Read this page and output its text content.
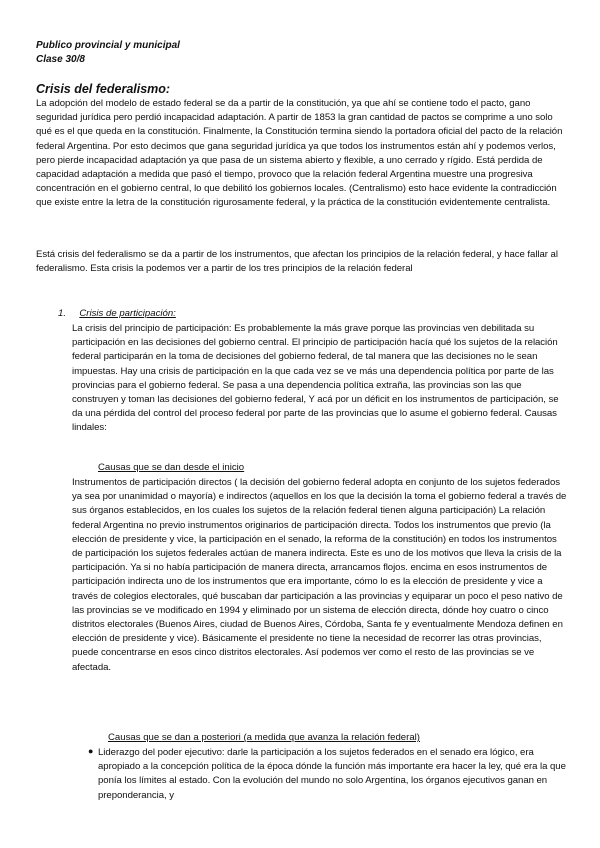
Publico provincial y municipal
Clase 30/8
Crisis del federalismo:
La adopción del modelo de estado federal se da a partir de la constitución, ya que ahí se contiene todo el pacto, gano seguridad jurídica pero perdió incapacidad adaptación. A partir de 1853 la gran cantidad de pactos se comprime a uno solo qué es el que queda en la constitución. Finalmente, la Constitución termina siendo la portadora oficial del pacto de la relación federal Argentina. Por esto decimos que gana seguridad jurídica ya que todos los instrumentos están ahí y podemos verlos, pero pierde incapacidad adaptación ya que pasa de un sistema abierto y flexible, a uno cerrado y rígido. Está perdida de capacidad adaptación a medida que pasó el tiempo, provoco que la relación federal Argentina muestre una progresiva concentración en el gobierno central, lo que debilitó los gobiernos locales. (Centralismo) esto hace evidente la contradicción que existe entre la letra de la constitución rigurosamente federal, y la práctica de la constitución evidentemente centralista.
Está crisis del federalismo se da a partir de los instrumentos, que afectan los principios de la relación federal, y hace fallar al federalismo. Esta crisis la podemos ver a partir de los tres principios de la relación federal
1. Crisis de participación:
La crisis del principio de participación: Es probablemente la más grave porque las provincias ven debilitada su participación en las decisiones del gobierno central. El principio de participación hacía qué los sujetos de la relación federal participarán en la toma de decisiones del gobierno federal, de tal manera que las decisiones no le sean impuestas. Hay una crisis de participación en la que cada vez se ve más una dependencia política por parte de las provincias para el gobierno federal. Se pasa a una dependencia política extraña, las provincias son las que construyen y toman las decisiones del gobierno federal, Y acá por un déficit en los instrumentos de participación, se da una pérdida del control del proceso federal por parte de las provincias que lo asume el gobierno federal. Causas lindales:
Causas que se dan desde el inicio
Instrumentos de participación directos ( la decisión del gobierno federal adopta en conjunto de los sujetos federados ya sea por unanimidad o mayoría) e indirectos (aquellos en los que la decisión la toma el gobierno federal a través de sus órganos establecidos, en los cuales los sujetos de la relación federal tienen alguna participación) La relación federal Argentina no previo instrumentos originarios de participación directa. Todos los instrumentos que previo (la elección de presidente y vice, la participación en el senado, la reforma de la constitución) en todos los instrumentos de participación los sujetos federales actúan de manera indirecta. Este es uno de los motivos que lleva la crisis de la participación. Ya si no había participación de manera directa, arrancamos flojos. encima en esos instrumentos de participación indirecta uno de los instrumentos que era importante, cómo lo es la elección de presidente y vice a través de colegios electorales, qué buscaban dar participación a las provincias y equiparar un poco el peso nativo de las provincias se ve modificado en 1994 y eliminado por un sistema de elección directa, dónde hoy cuatro o cinco distritos electorales (Buenos Aires, ciudad de Buenos Aires, Córdoba, Santa fe y eventualmente Mendoza definen en elección de presidente y vice). Básicamente el presidente no tiene la necesidad de recorrer las otras provincias, puede concentrarse en esos cinco distritos electorales. Así podemos ver como el resto de las provincias se ve afectada.
Causas que se dan a posteriori (a medida que avanza la relación federal)
● Liderazgo del poder ejecutivo: darle la participación a los sujetos federados en el senado era lógico, era apropiado a la concepción política de la época dónde la función más importante era hacer la ley, qué era la que ponía los límites al estado. Con la evolución del mundo no solo Argentina, los órganos ejecutivos ganan en preponderancia, y
